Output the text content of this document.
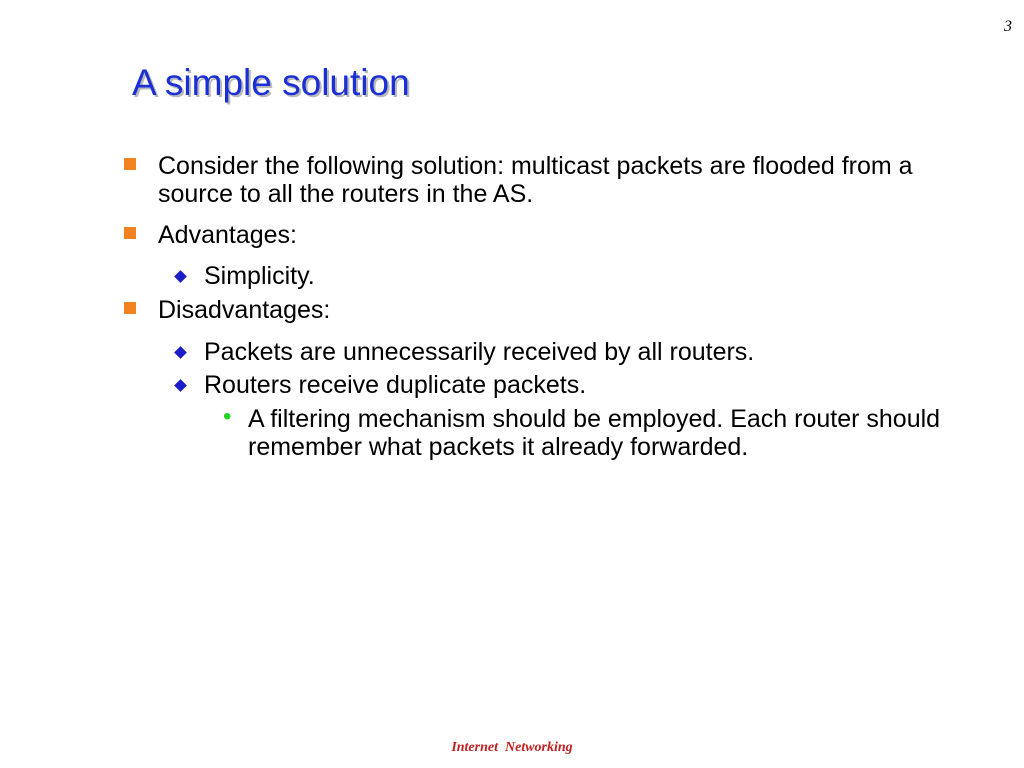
3
A simple solution
Consider the following solution: multicast packets are flooded from a source to all the routers in the AS.
Advantages:
Simplicity.
Disadvantages:
Packets are unnecessarily received by all routers.
Routers receive duplicate packets.
• A filtering mechanism should be employed. Each router should remember what packets it already forwarded.
Internet  Networking
